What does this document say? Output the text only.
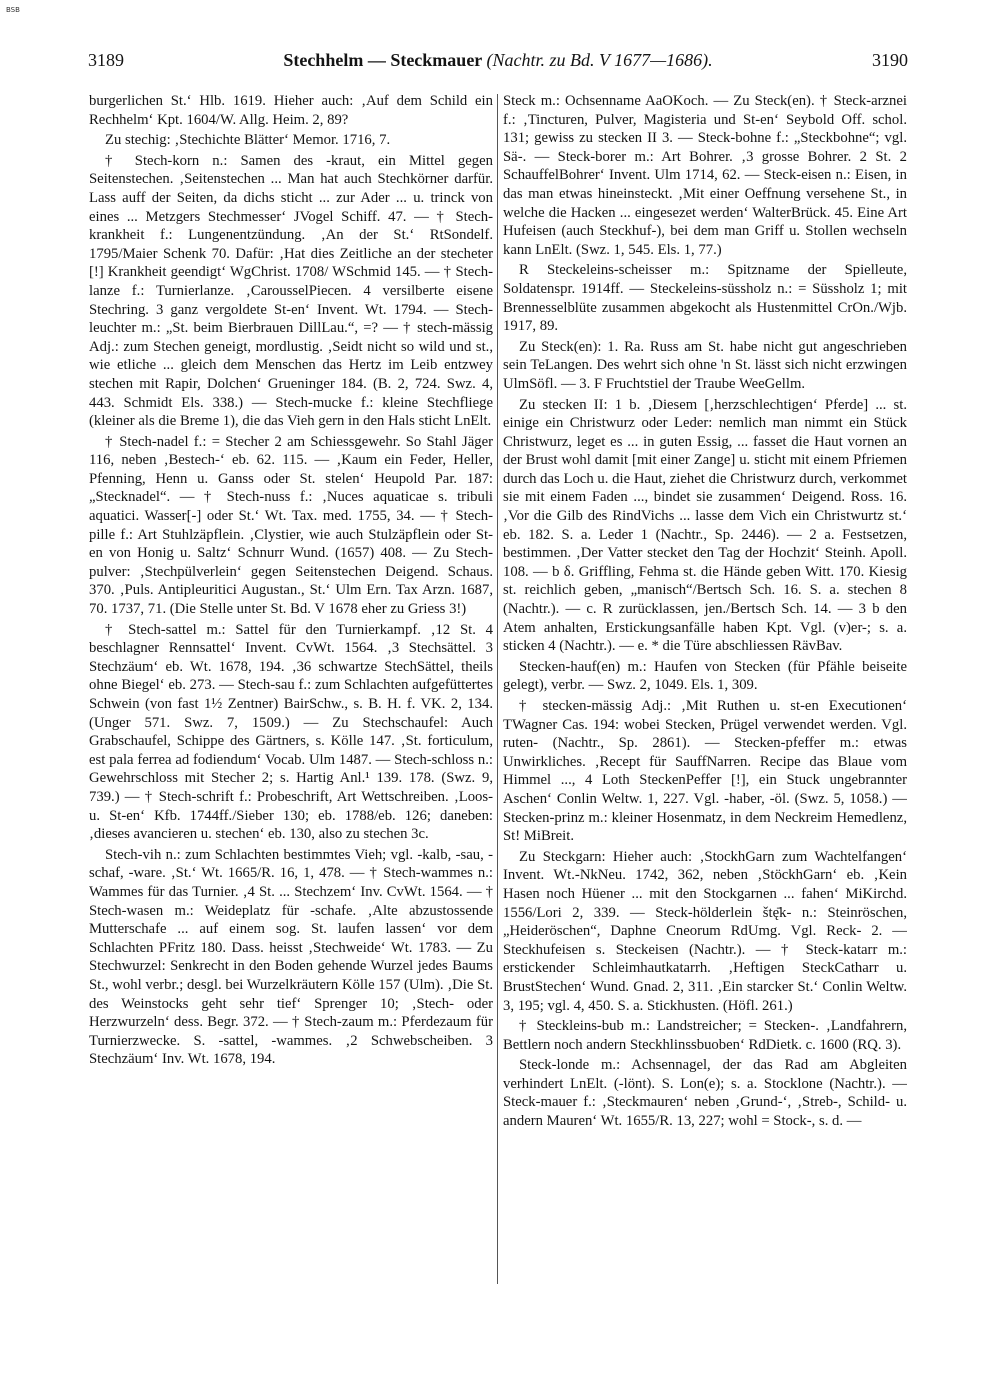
BSB
3189	Stechhelm — Steckmauer (Nachtr. zu Bd. V 1677—1686).	3190

burgerlichen St.‘ Hlb. 1619. Hieher auch: ‚Auf dem Schild ein Rechhelm‘ Kpt. 1604/W. Allg. Heim. 2, 89?

Zu stechig: ‚Stechichte Blätter‘ Memor. 1716, 7.

† Stech-korn n.: Samen des -kraut, ein Mittel gegen Seitenstechen. ‚Seitenstechen ... Man hat auch Stechkörner darfür. Lass auff der Seiten, da dichs sticht ... zur Ader ... u. trinck von eines ... Metzgers Stechmesser‘ JVogel Schiff. 47. — † Stech-krankheit f.: Lungenentzündung. ‚An der St.‘ RtSondelf. 1795/Maier Schenk 70. Dafür: ‚Hat dies Zeitliche an der stecheter [!] Krankheit geendigt‘ WgChrist. 1708/ WSchmid 145. — † Stech-lanze f.: Turnierlanze. ‚CarousselPiecen. 4 versilberte eisene Stechring. 3 ganz vergoldete St-en‘ Invent. Wt. 1794. — Stech-leuchter m.: „St. beim Bierbrauen DillLau.“, =? — † stech-mässig Adj.: zum Stechen geneigt, mordlustig. ‚Seidt nicht so wild und st., wie etliche ... gleich dem Menschen das Hertz im Leib entzwey stechen mit Rapir, Dolchen‘ Grueninger 184. (B. 2, 724. Swz. 4, 443. Schmidt Els. 338.) — Stech-mucke f.: kleine Stechfliege (kleiner als die Breme 1), die das Vieh gern in den Hals sticht LnElt.

† Stech-nadel f.: = Stecher 2 am Schiessgewehr. So Stahl Jäger 116, neben ‚Bestech-‘ eb. 62. 115. — ‚Kaum ein Feder, Heller, Pfenning, Henn u. Ganss oder St. stelen‘ Heupold Par. 187: „Stecknadel“. — † Stech-nuss f.: ‚Nuces aquaticae s. tribuli aquatici. Wasser[-] oder St.‘ Wt. Tax. med. 1755, 34. — † Stech-pille f.: Art Stuhlzäpflein. ‚Clystier, wie auch Stulzäpflein oder St-en von Honig u. Saltz‘ Schnurr Wund. (1657) 408. — Zu Stech-pulver: ‚Stechpülverlein‘ gegen Seitenstechen Deigend. Schaus. 370. ‚Puls. Antipleuritici Augustan., St.‘ Ulm Ern. Tax Arzn. 1687, 70. 1737, 71. (Die Stelle unter St. Bd. V 1678 eher zu Griess 3!)

† Stech-sattel m.: Sattel für den Turnierkampf. ‚12 St. 4 beschlagner Rennsattel‘ Invent. CvWt. 1564. ‚3 Stechsättel. 3 Stechzäum‘ eb. Wt. 1678, 194. ‚36 schwartze StechSättel, theils ohne Biegel‘ eb. 273. — Stech-sau f.: zum Schlachten aufgefüttertes Schwein (von fast 1½ Zentner) BairSchw., s. B. H. f. VK. 2, 134. (Unger 571. Swz. 7, 1509.) — Zu Stechschaufel: Auch Grabschaufel, Schippe des Gärtners, s. Kölle 147. ‚St. forticulum, est pala ferrea ad fodiendum‘ Vocab. Ulm 1487. — Stech-schloss n.: Gewehrschloss mit Stecher 2; s. Hartig Anl.¹ 139. 178. (Swz. 9, 739.) — † Stech-schrift f.: Probeschrift, Art Wettschreiben. ‚Loos- u. St-en‘ Kfb. 1744ff./Sieber 130; eb. 1788/eb. 126; daneben: ‚dieses avancieren u. stechen‘ eb. 130, also zu stechen 3c.

Stech-vih n.: zum Schlachten bestimmtes Vieh; vgl. -kalb, -sau, -schaf, -ware. ‚St.‘ Wt. 1665/R. 16, 1, 478. — † Stech-wammes n.: Wammes für das Turnier. ‚4 St. ... Stechzem‘ Inv. CvWt. 1564. — † Stech-wasen m.: Weideplatz für -schafe. ‚Alte abzustossende Mutterschafe ... auf einem sog. St. laufen lassen‘ vor dem Schlachten PFritz 180. Dass. heisst ‚Stechweide‘ Wt. 1783. — Zu Stechwurzel: Senkrecht in den Boden gehende Wurzel jedes Baums St., wohl verbr.; desgl. bei Wurzelkräutern Kölle 157 (Ulm). ‚Die St. des Weinstocks geht sehr tief‘ Sprenger 10; ‚Stech- oder Herzwurzeln‘ dess. Begr. 372. — † Stech-zaum m.: Pferdezaum für Turnierzwecke. S. -sattel, -wammes. ‚2 Schwebscheiben. 3 Stechzäum‘ Inv. Wt. 1678, 194.

Steck m.: Ochsenname AaOKoch. — Zu Steck(en). † Steck-arznei f.: ‚Tincturen, Pulver, Magisteria und St-en‘ Seybold Off. schol. 131; gewiss zu stecken II 3. — Steck-bohne f.: „Steckbohne“; vgl. Sä-. — Steck-borer m.: Art Bohrer. ‚3 grosse Bohrer. 2 St. 2 SchauffelBohrer‘ Invent. Ulm 1714, 62. — Steck-eisen n.: Eisen, in das man etwas hineinsteckt. ‚Mit einer Oeffnung versehene St., in welche die Hacken ... eingesezet werden‘ WalterBrück. 45. Eine Art Hufeisen (auch Steckhuf-), bei dem man Griff u. Stollen wechseln kann LnElt. (Swz. 1, 545. Els. 1, 77.)

R Steckeleins-scheisser m.: Spitzname der Spielleute, Soldatenspr. 1914ff. — Steckeleins-süssholz n.: = Süssholz 1; mit Brennesselblüte zusammen abgekocht als Hustenmittel CrOn./Wjb. 1917, 89.

Zu Steck(en): 1. Ra. Russ am St. habe nicht gut angeschrieben sein TeLangen. Des wehrt sich ohne 'n St. lässt sich nicht erzwingen UlmSöfl. — 3. F Fruchtstiel der Traube WeeGellm.

Zu stecken II: 1 b. ‚Diesem [‚herzschlechtigen‘ Pferde] ... st. einige ein Christwurz oder Leder: nemlich man nimmt ein Stück Christwurz, leget es ... in guten Essig, ... fasset die Haut vornen an der Brust wohl damit [mit einer Zange] u. sticht mit einem Pfriemen durch das Loch u. die Haut, ziehet die Christwurz durch, verkommet sie mit einem Faden ..., bindet sie zusammen‘ Deigend. Ross. 16. ‚Vor die Gilb des RindVichs ... lasse dem Vich ein Christwurtz st.‘ eb. 182. S. a. Leder 1 (Nachtr., Sp. 2446). — 2 a. Festsetzen, bestimmen. ‚Der Vatter stecket den Tag der Hochzit‘ Steinh. Apoll. 108. — b δ. Griffling, Fehma st. die Hände geben Witt. 170. Kiesig st. reichlich geben, „manisch“/Bertsch Sch. 16. S. a. stechen 8 (Nachtr.). — c. R zurücklassen, jen./Bertsch Sch. 14. — 3 b den Atem anhalten, Erstickungsanfälle haben Kpt. Vgl. (v)er-; s. a. sticken 4 (Nachtr.). — e. * die Türe abschliessen RävBav.

Stecken-hauf(en) m.: Haufen von Stecken (für Pfähle beiseite gelegt), verbr. — Swz. 2, 1049. Els. 1, 309.

† stecken-mässig Adj.: ‚Mit Ruthen u. st-en Executionen‘ TWagner Cas. 194: wobei Stecken, Prügel verwendet werden. Vgl. ruten- (Nachtr., Sp. 2861). — Stecken-pfeffer m.: etwas Unwirkliches. ‚Recept für SauffNarren. Recipe das Blaue vom Himmel ..., 4 Loth SteckenPeffer [!], ein Stuck ungebrannter Aschen‘ Conlin Weltw. 1, 227. Vgl. -haber, -öl. (Swz. 5, 1058.) — Stecken-prinz m.: kleiner Hosenmatz, in dem Neckreim Hemedlenz, St! MiBreit.

Zu Steckgarn: Hieher auch: ‚StockhGarn zum Wachtelfangen‘ Invent. Wt.-NkNeu. 1742, 362, neben ‚StöckhGarn‘ eb. ‚Kein Hasen noch Hüener ... mit den Stockgarnen ... fahen‘ MiKirchd. 1556/Lori 2, 339. — Steck-hölderlein štę̄k- n.: Steinröschen, „Heideröschen“, Daphne Cneorum RdUmg. Vgl. Reck- 2. — Steckhufeisen s. Steckeisen (Nachtr.). — † Steck-katarr m.: erstickender Schleimhautkatarrh. ‚Heftigen SteckCatharr u. BrustStechen‘ Wund. Gnad. 2, 311. ‚Ein starcker St.‘ Conlin Weltw. 3, 195; vgl. 4, 450. S. a. Stickhusten. (Höfl. 261.)

† Steckleins-bub m.: Landstreicher; = Stecken-. ‚Landfahrern, Bettlern noch andern Steckhlinssbuoben‘ RdDietk. c. 1600 (RQ. 3).

Steck-londe m.: Achsennagel, der das Rad am Abgleiten verhindert LnElt. (-lönt). S. Lon(e); s. a. Stocklone (Nachtr.). — Steck-mauer f.: ‚Steckmauren‘ neben ‚Grund-‘, ‚Streb-, Schild- u. andern Mauren‘ Wt. 1655/R. 13, 227; wohl = Stock-, s. d. —
